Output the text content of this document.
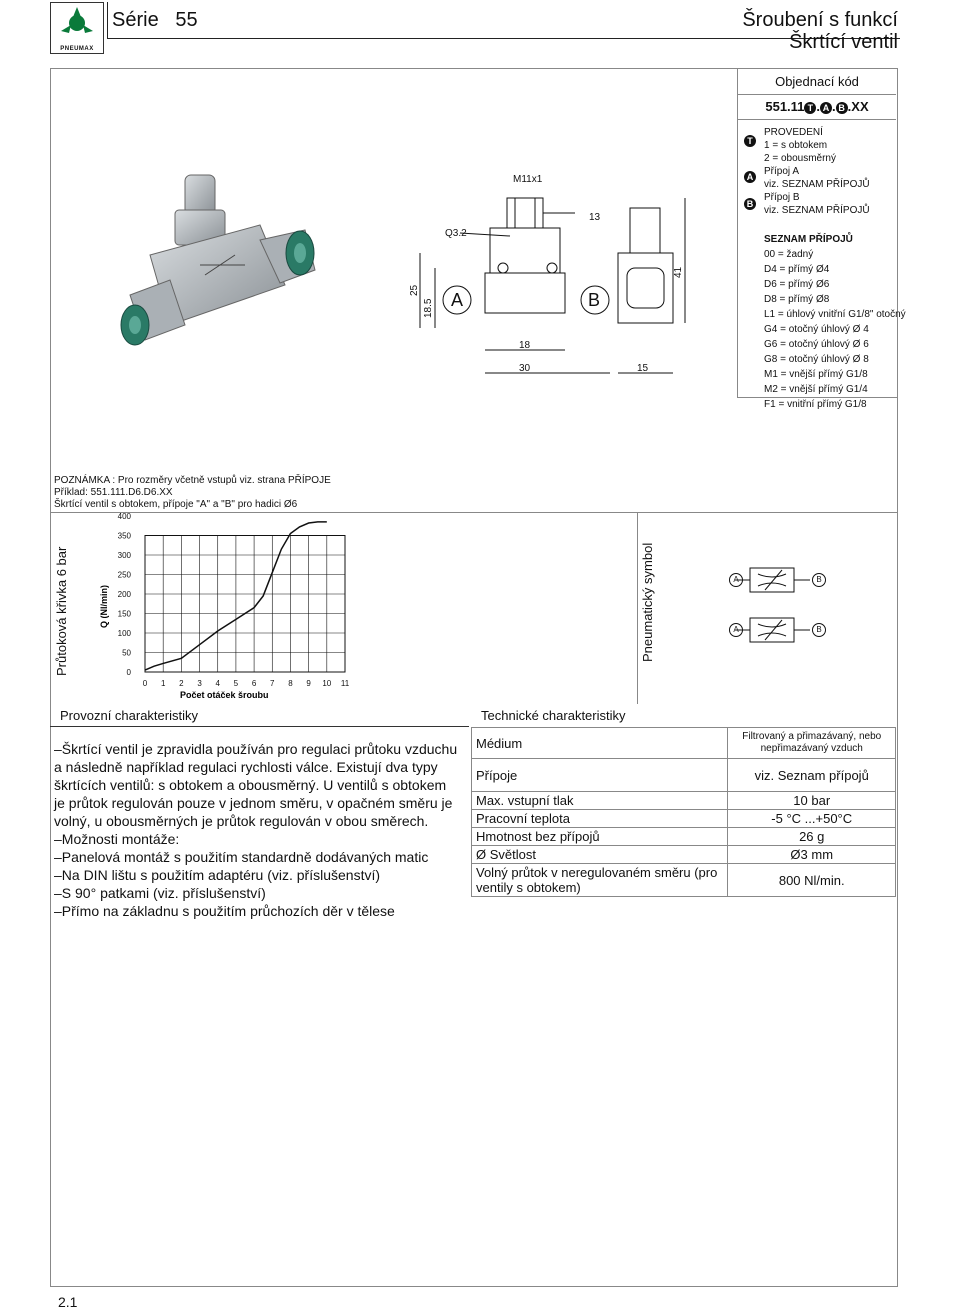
PNEUMAX
Série 55	Šroubení s funkcí
Škrtící ventil
25
18.5
Q3.2
M11x1
13
18
30	15
41
A	B
Objednací kód
551.11 T . A . B .XX
T
PROVEDENÍ
1 = s obtokem
2 = obousměrný
A Přípoj A
viz. SEZNAM PŘÍPOJŮ
B
Přípoj B
viz. SEZNAM PŘÍPOJŮ
SEZNAM PŘÍPOJŮ
00 = žadný
D4 = přímý Ø4
D6 = přímý Ø6
D8 = přímý Ø8
L1 = úhlový vnitřní G1/8" otočný
G4 = otočný úhlový Ø 4
G6 = otočný úhlový Ø 6
G8 = otočný úhlový Ø 8
M1 = vnější přímý G1/8
M2 = vnější přímý G1/4
F1 = vnitřní přímý G1/8
POZNÁMKA : Pro rozměry včetně vstupů viz. strana PŘÍPOJE
Příklad: 551.111.D6.D6.XX
Škrtící ventil s obtokem, přípoje "A" a "B" pro hadici Ø6
Průtoková křivka 6 bar	Pneumatický symbol
0
50
100
150
200
250
300
350
400
0 1 2 3 4 5 6 7 8 9 10 11
Q (Nl/min)
Počet otáček šroubu
A	B
A	B
Provozní charakteristiky	Technické charakteristiky
–Škrtící ventil je zpravidla používán pro regulaci průtoku vzduchu
a následně například regulaci rychlosti válce. Existují dva typy
škrtících ventilů: s obtokem a obousměrný. U ventilů s obtokem
je průtok regulován pouze v jednom směru, v opačném směru je
volný, u obousměrných je průtok regulován v obou směrech.
–Možnosti montáže:
–Panelová montáž s použitím standardně dodávaných matic
–Na DIN lištu s použitím adaptéru (viz. příslušenství)
–S 90° patkami (viz. příslušenství)
–Přímo na základnu s použitím průchozích děr v tělese
Médium	Filtrovaný a přimazávaný, nebo nepřimazávaný vzduch
Přípoje	viz. Seznam přípojů
Max. vstupní tlak	10 bar
Pracovní teplota	-5 °C ...+50°C
Hmotnost bez přípojů	26 g
Ø Světlost	Ø3 mm
Volný průtok v neregulovaném směru (pro ventily s obtokem)	800 Nl/min.
2.1
